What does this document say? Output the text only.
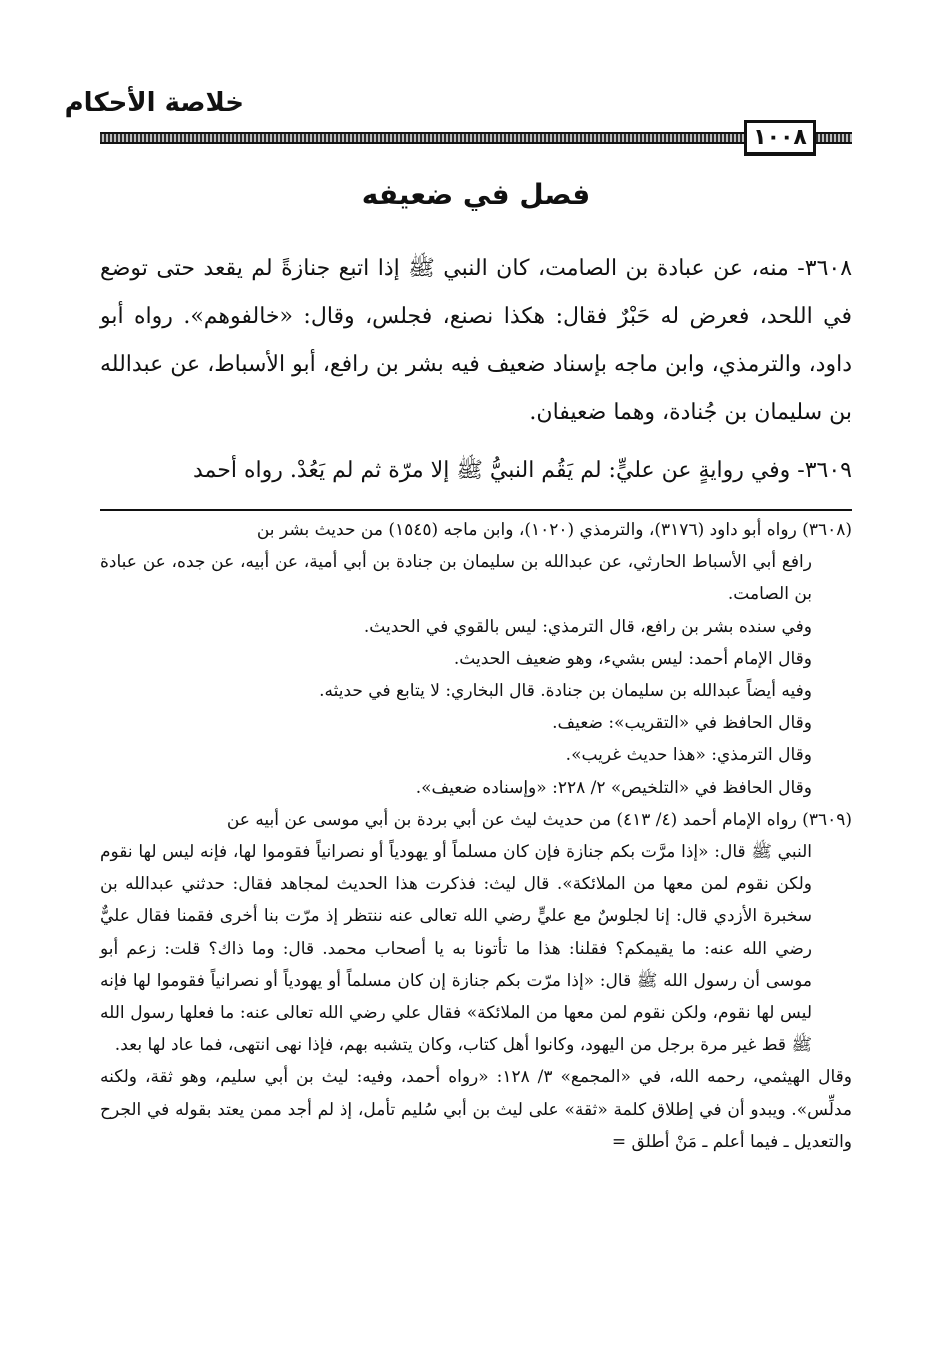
خلاصة الأحكام
١٠٠٨
فصل في ضعيفه

٣٦٠٨- منه، عن عبادة بن الصامت، كان النبي ﷺ إذا اتبع جنازةً لم يقعد حتى توضع في اللحد، فعرض له حَبْرٌ فقال: هكذا نصنع، فجلس، وقال: «خالفوهم». رواه أبو داود، والترمذي، وابن ماجه بإسناد ضعيف فيه بشر بن رافع، أبو الأسباط، عن عبدالله بن سليمان بن جُنادة، وهما ضعيفان.

٣٦٠٩- وفي روايةٍ عن عليٍّ: لم يَقُم النبيُّ ﷺ إلا مرّة ثم لم يَعُدْ. رواه أحمد

(٣٦٠٨) رواه أبو داود (٣١٧٦)، والترمذي (١٠٢٠)، وابن ماجه (١٥٤٥) من حديث بشر بن

رافع أبي الأسباط الحارثي، عن عبدالله بن سليمان بن جنادة بن أبي أمية، عن أبيه، عن جده، عن عبادة بن الصامت.

وفي سنده بشر بن رافع، قال الترمذي: ليس بالقوي في الحديث.

وقال الإمام أحمد: ليس بشيء، وهو ضعيف الحديث.

وفيه أيضاً عبدالله بن سليمان بن جنادة. قال البخاري: لا يتابع في حديثه.

وقال الحافظ في «التقريب»: ضعيف.

وقال الترمذي: «هذا حديث غريب».

وقال الحافظ في «التلخيص» ٢/ ٢٢٨: «وإسناده ضعيف».

(٣٦٠٩) رواه الإمام أحمد (٤/ ٤١٣) من حديث ليث عن أبي بردة بن أبي موسى عن أبيه عن

النبي ﷺ قال: «إذا مرَّت بكم جنازة فإن كان مسلماً أو يهودياً أو نصرانياً فقوموا لها، فإنه ليس لها نقوم ولكن نقوم لمن معها من الملائكة». قال ليث: فذكرت هذا الحديث لمجاهد فقال: حدثني عبدالله بن سخبرة الأزدي قال: إنا لجلوسٌ مع عليٍّ رضي الله تعالى عنه ننتظر إذ مرّت بنا أخرى فقمنا فقال عليٌّ رضي الله عنه: ما يقيمكم؟ فقلنا: هذا ما تأتونا به يا أصحاب محمد. قال: وما ذاك؟ قلت: زعم أبو موسى أن رسول الله ﷺ قال: «إذا مرّت بكم جنازة إن كان مسلماً أو يهودياً أو نصرانياً فقوموا لها فإنه ليس لها نقوم، ولكن نقوم لمن معها من الملائكة» فقال علي رضي الله تعالى عنه: ما فعلها رسول الله ﷺ قط غير مرة برجل من اليهود، وكانوا أهل كتاب، وكان يتشبه بهم، فإذا نهى انتهى، فما عاد لها بعد.

وقال الهيثمي، رحمه الله، في «المجمع» ٣/ ١٢٨: «رواه أحمد، وفيه: ليث بن أبي سليم، وهو ثقة، ولكنه مدلِّس». ويبدو أن في إطلاق كلمة «ثقة» على ليث بن أبي سُليم تأمل، إذ لم أجد ممن يعتد بقوله في الجرح والتعديل ـ فيما أعلم ـ مَنْ أطلق =
